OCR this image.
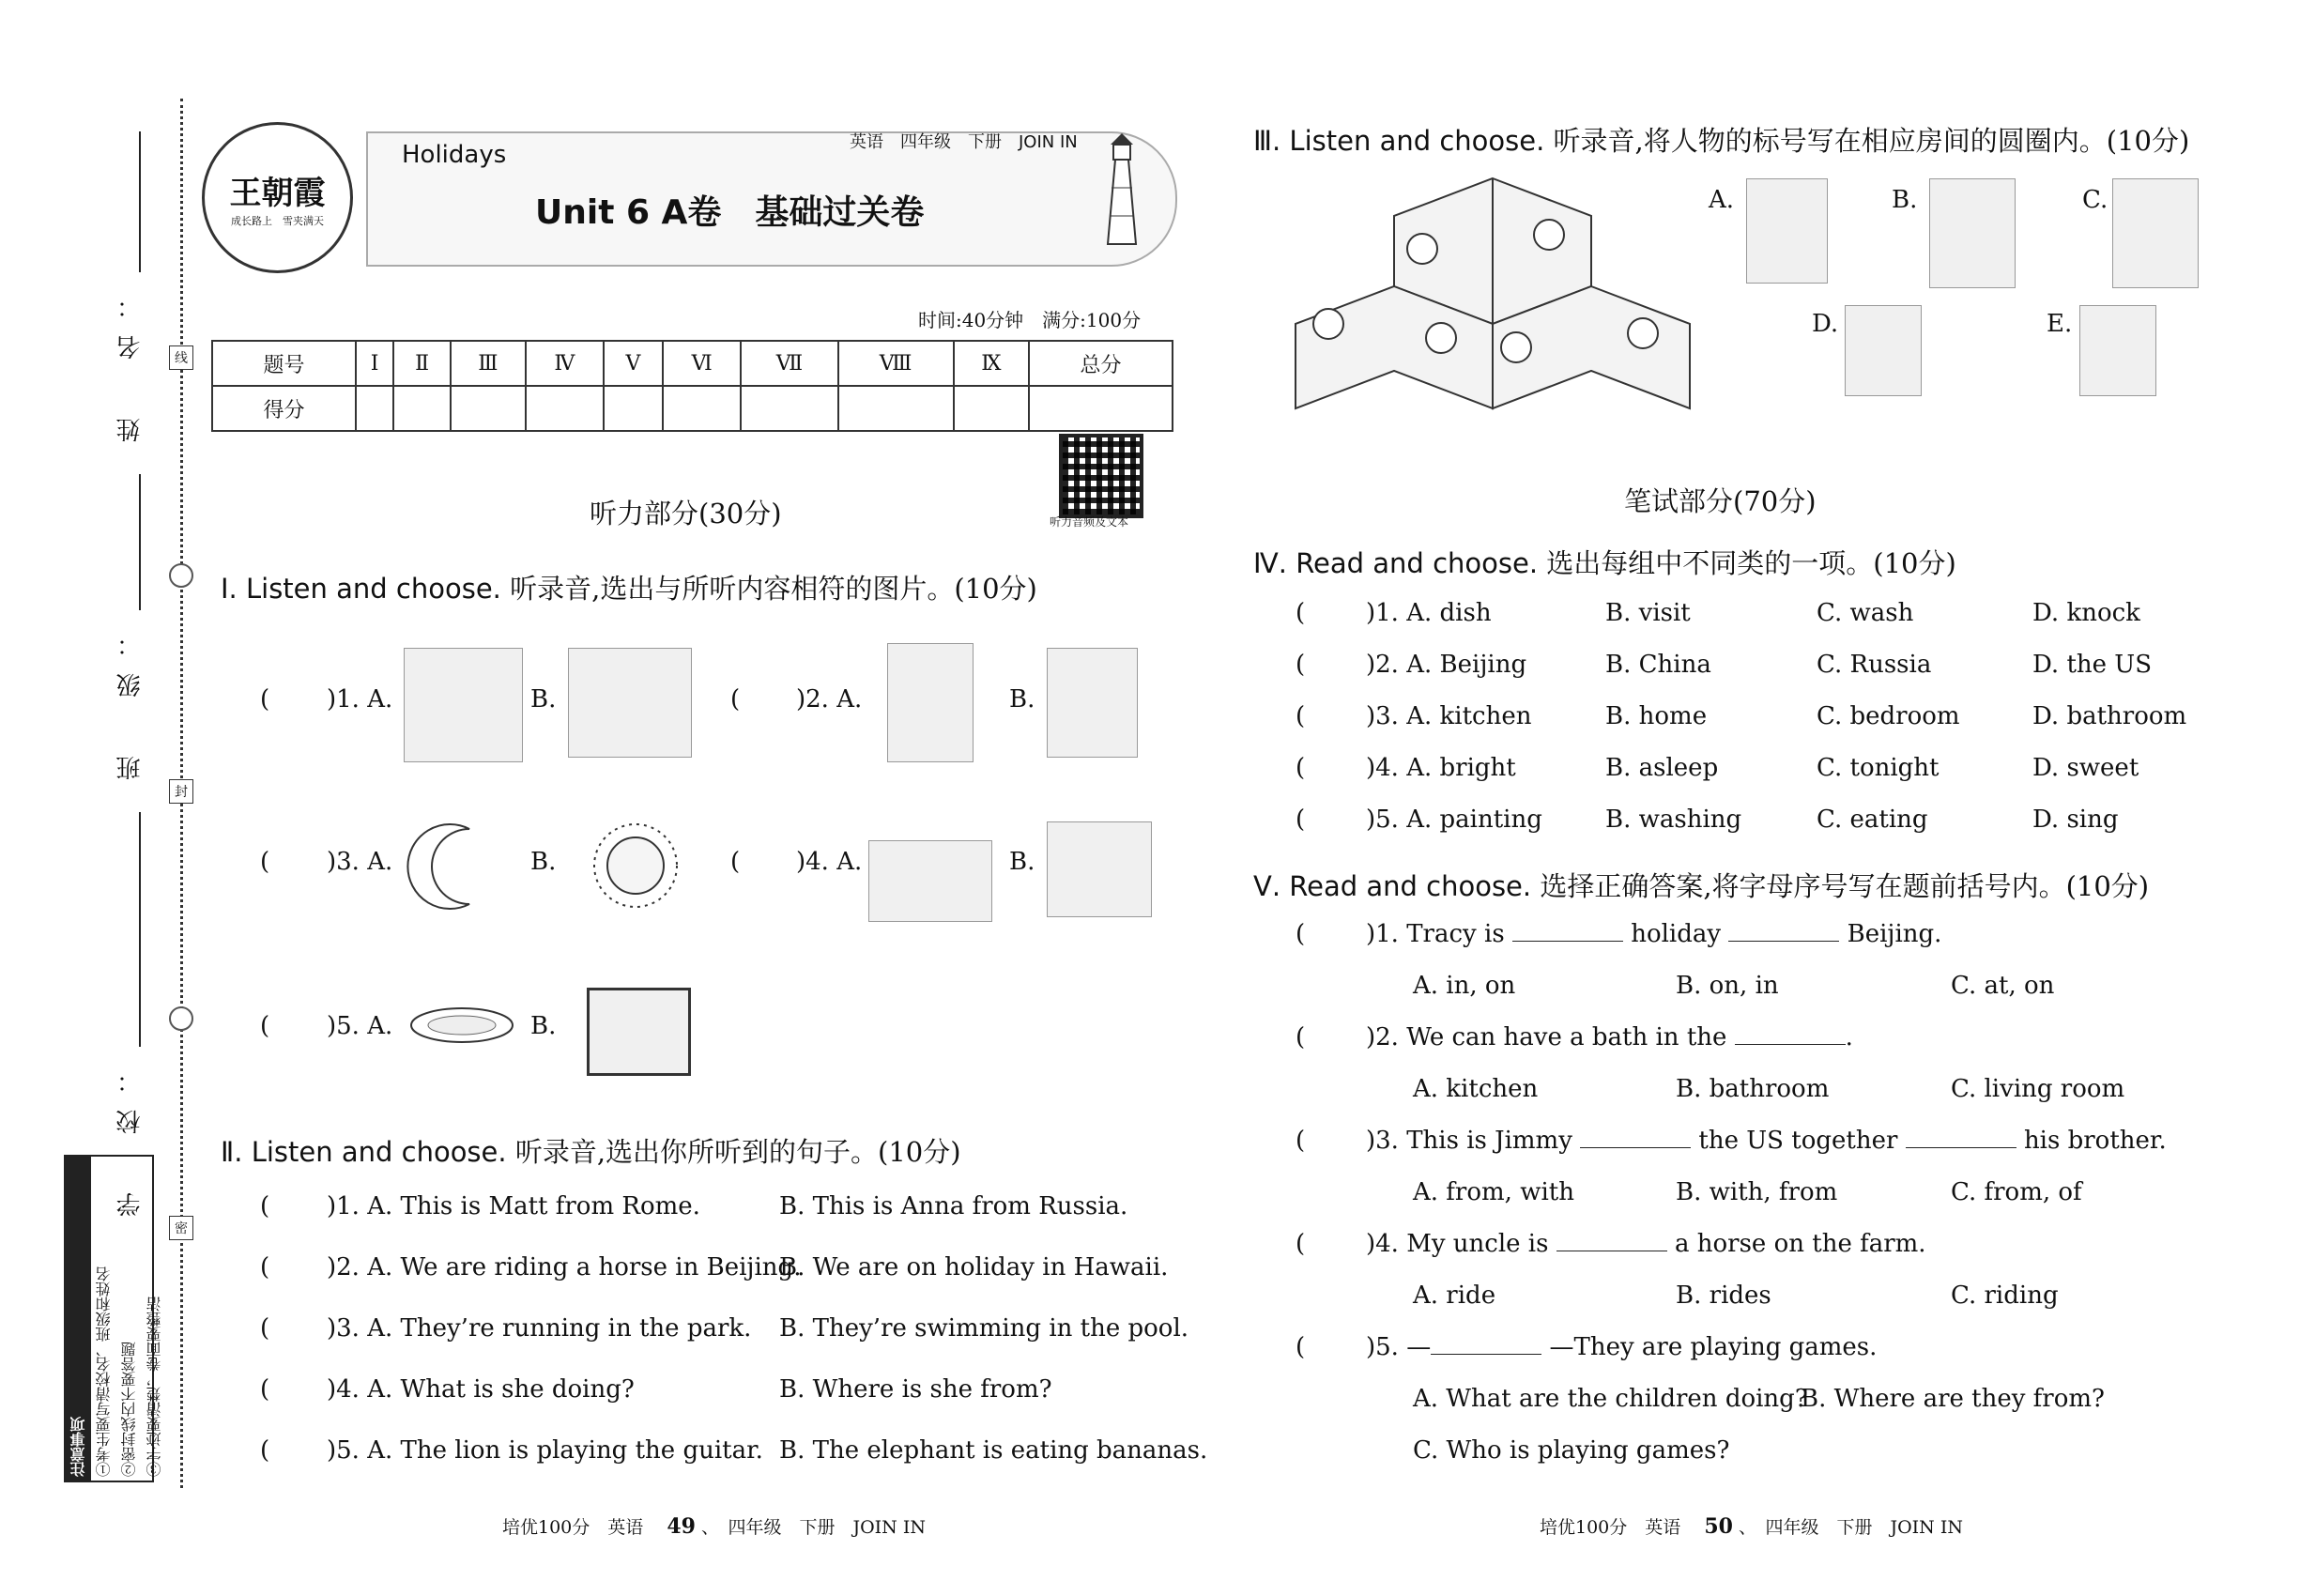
姓　名：
班　级：
学　校：
线
封
密
注意事项 ①考生要写清校名、班级和姓名 ②密封线内不要答题 ③字迹要清楚，卷面要整洁
王朝霞
成长路上　雪夹满天
Holidays	英语　四年级　下册　JOIN IN
Unit 6 A卷　基础过关卷
时间:40分钟　满分:100分
题号	Ⅰ	Ⅱ	Ⅲ	Ⅳ	Ⅴ	Ⅵ	Ⅶ	Ⅷ	Ⅸ	总分
得分										
听力音频及文本
听力部分(30分)
Ⅰ. Listen and choose. 听录音,选出与所听内容相符的图片。(10分)
( )1. A.	B.	( )2. A.	B.
( )3. A.	B.	( )4. A.	B.
( )5. A.	B.
Ⅱ. Listen and choose. 听录音,选出你所听到的句子。(10分)
( )1. A. This is Matt from Rome.	B. This is Anna from Russia.
( )2. A. We are riding a horse in Beijing.
B. We are on holiday in Hawaii.
( )3. A. They’re running in the park. B. They’re swimming in the pool.
( )4. A. What is she doing?	B. Where is she from?
( )5. A. The lion is playing the guitar. B. The elephant is eating bananas.
培优100分　英语　 49 、　四年级　下册　JOIN IN
Ⅲ. Listen and choose. 听录音,将人物的标号写在相应房间的圆圈内。(10分)
A.	B.	C.
D.	E.
笔试部分(70分)
Ⅳ. Read and choose. 选出每组中不同类的一项。(10分)
( )1. A. dish	B. visit	C. wash	D. knock
( )2. A. Beijing	B. China	C. Russia	D. the US
( )3. A. kitchen	B. home	C. bedroom	D. bathroom
( )4. A. bright	B. asleep	C. tonight	D. sweet
( )5. A. painting	B. washing	C. eating	D. sing
Ⅴ. Read and choose. 选择正确答案,将字母序号写在题前括号内。(10分)
( )1. Tracy is	holiday	Beijing.
A. in, on	B. on, in	C. at, on
( )2. We can have a bath in the	.
A. kitchen	B. bathroom	C. living room
( )3. This is Jimmy	the US together	his brother.
A. from, with	B. with, from	C. from, of
( )4. My uncle is	a horse on the farm.
A. ride	B. rides	C. riding
( )5. —	—They are playing games.
A. What are the children doing?
B. Where are they from?
C. Who is playing games?
培优100分　英语　 50 、　四年级　下册　JOIN IN
